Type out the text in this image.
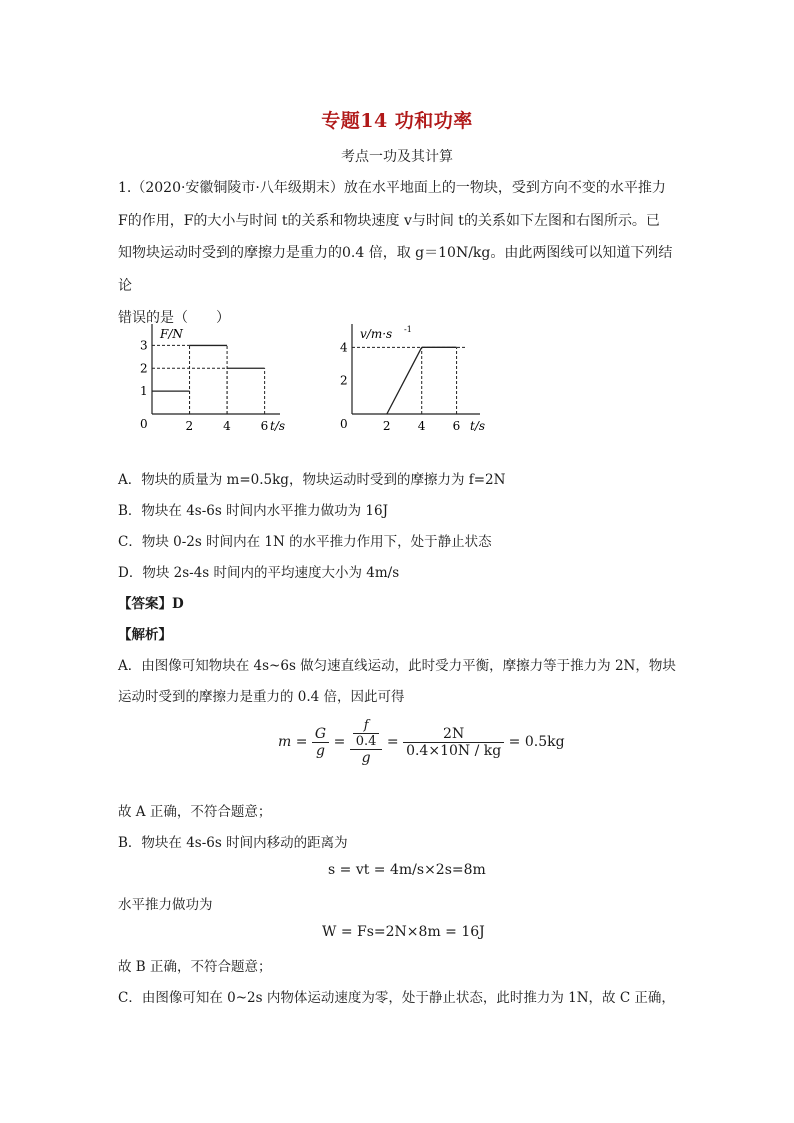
专题14 功和功率
考点一功及其计算
1.（2020·安徽铜陵市·八年级期末）放在水平地面上的一物块，受到方向不变的水平推力
F的作用，F的大小与时间 t的关系和物块速度 v与时间 t的关系如下左图和右图所示。已
知物块运动时受到的摩擦力是重力的0.4 倍，取 g＝10N/kg。由此两图线可以知道下列结论
错误的是（　　）
F/N
t/s
0	2 4 6
1
2
3
v/m·s -1
t/s
0	2 4 6
2
4
A．物块的质量为 m=0.5kg，物块运动时受到的摩擦力为 f=2N
B．物块在 4s-6s 时间内水平推力做功为 16J
C．物块 0-2s 时间内在 1N 的水平推力作用下，处于静止状态
D．物块 2s-4s 时间内的平均速度大小为 4m/s
【答案】D
【解析】
A．由图像可知物块在 4s~6s 做匀速直线运动，此时受力平衡，摩擦力等于推力为 2N，物块
运动时受到的摩擦力是重力的 0.4 倍，因此可得
$m = \frac{G}{g} = \frac{\frac{f}{0.4}}{g} = \frac{2N}{0.4\times 10N / kg} = 0.5kg$
故 A 正确，不符合题意；
B．物块在 4s-6s 时间内移动的距离为
s = vt = 4m/s×2s=8m
水平推力做功为
W = Fs=2N×8m = 16J
故 B 正确，不符合题意；
C．由图像可知在 0~2s 内物体运动速度为零，处于静止状态，此时推力为 1N，故 C 正确，
